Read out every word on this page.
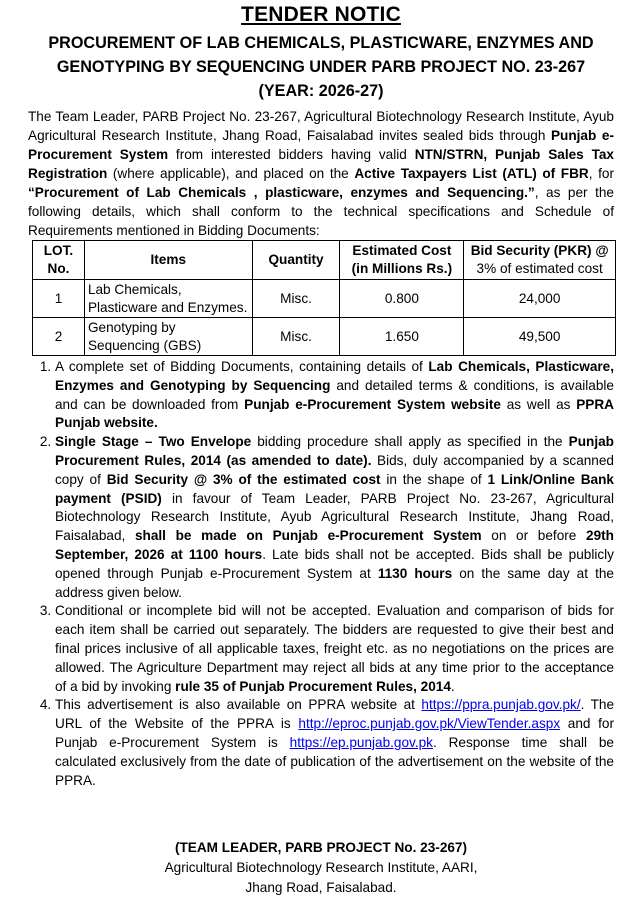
TENDER NOTIC
PROCUREMENT OF LAB CHEMICALS, PLASTICWARE, ENZYMES AND
GENOTYPING BY SEQUENCING UNDER PARB PROJECT NO. 23-267
(YEAR: 2026-27)
The Team Leader, PARB Project No. 23-267, Agricultural Biotechnology Research Institute, Ayub Agricultural Research Institute, Jhang Road, Faisalabad invites sealed bids through Punjab e-Procurement System from interested bidders having valid NTN/STRN, Punjab Sales Tax Registration (where applicable), and placed on the Active Taxpayers List (ATL) of FBR, for “Procurement of Lab Chemicals , plasticware, enzymes and Sequencing.”, as per the following details, which shall conform to the technical specifications and Schedule of Requirements mentioned in Bidding Documents:
LOT. No.	Items	Quantity	Estimated Cost (in Millions Rs.)	Bid Security (PKR) @
3% of estimated cost
1	Lab Chemicals, Plasticware and Enzymes.	Misc.	0.800	24,000
2	Genotyping by Sequencing (GBS)	Misc.	1.650	49,500
1. A complete set of Bidding Documents, containing details of Lab Chemicals, Plasticware, Enzymes and Genotyping by Sequencing and detailed terms & conditions, is available and can be downloaded from Punjab e-Procurement System website as well as PPRA Punjab website.
2. Single Stage – Two Envelope bidding procedure shall apply as specified in the Punjab Procurement Rules, 2014 (as amended to date). Bids, duly accompanied by a scanned copy of Bid Security @ 3% of the estimated cost in the shape of 1 Link/Online Bank payment (PSID) in favour of Team Leader, PARB Project No. 23-267, Agricultural Biotechnology Research Institute, Ayub Agricultural Research Institute, Jhang Road, Faisalabad, shall be made on Punjab e-Procurement System on or before 29th September, 2026 at 1100 hours. Late bids shall not be accepted. Bids shall be publicly opened through Punjab e-Procurement System at 1130 hours on the same day at the address given below.
3. Conditional or incomplete bid will not be accepted. Evaluation and comparison of bids for each item shall be carried out separately. The bidders are requested to give their best and final prices inclusive of all applicable taxes, freight etc. as no negotiations on the prices are allowed. The Agriculture Department may reject all bids at any time prior to the acceptance of a bid by invoking rule 35 of Punjab Procurement Rules, 2014.
4. This advertisement is also available on PPRA website at https://ppra.punjab.gov.pk/. The URL of the Website of the PPRA is http://eproc.punjab.gov.pk/ViewTender.aspx and for Punjab e-Procurement System is https://ep.punjab.gov.pk. Response time shall be calculated exclusively from the date of publication of the advertisement on the website of the PPRA.
(TEAM LEADER, PARB PROJECT No. 23-267)
Agricultural Biotechnology Research Institute, AARI,
Jhang Road, Faisalabad.
